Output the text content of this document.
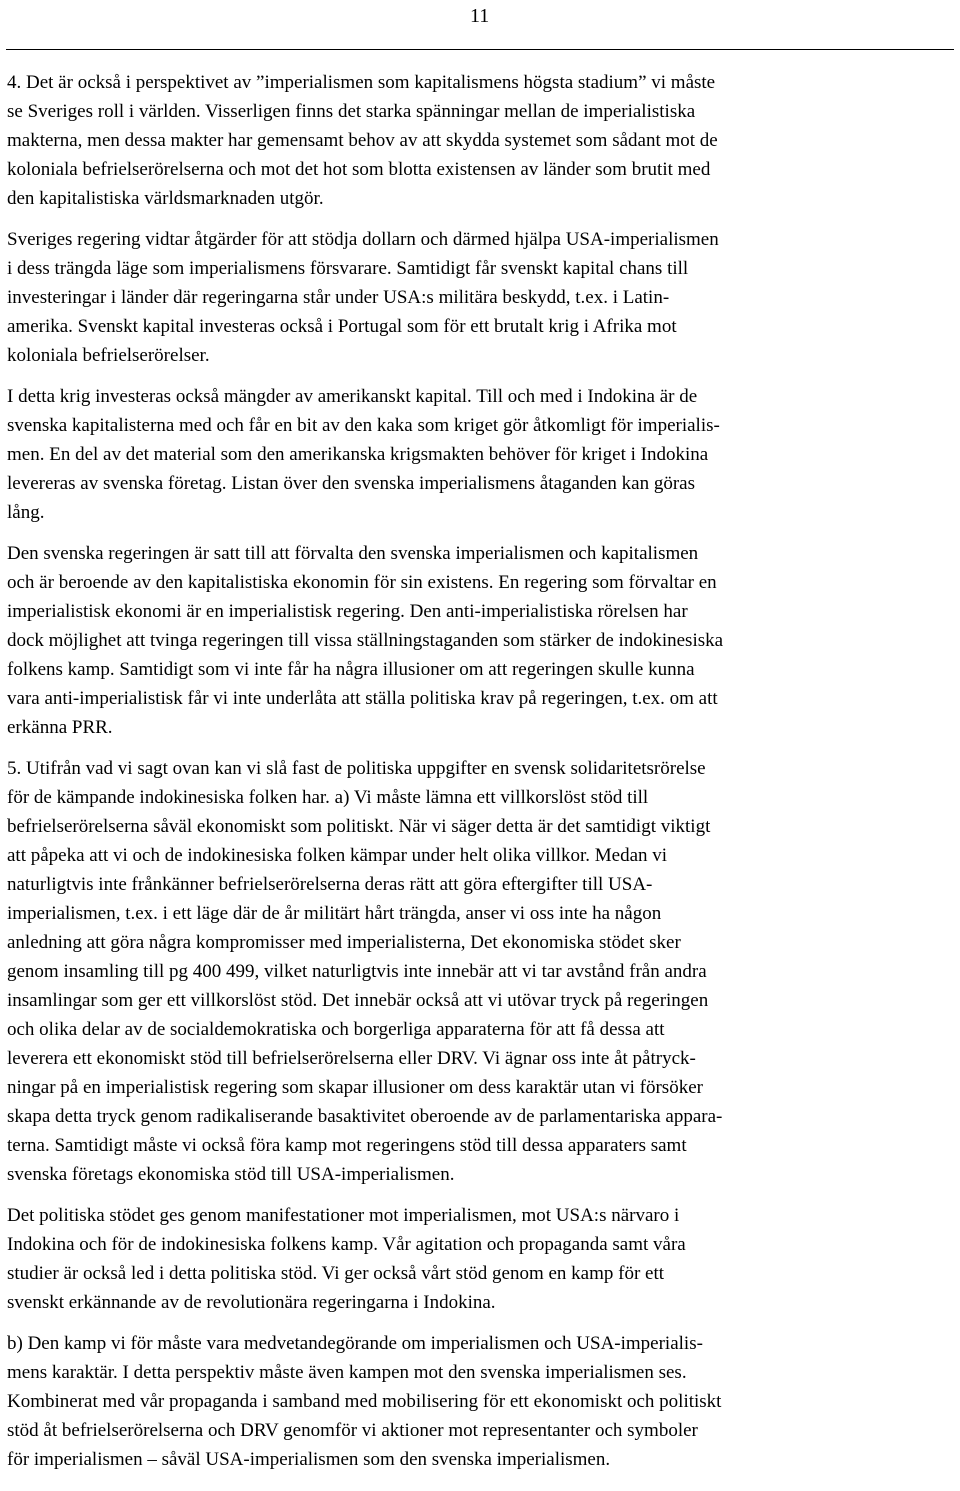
11

4. Det är också i perspektivet av ”imperialismen som kapitalismens högsta stadium” vi måste
se Sveriges roll i världen. Visserligen finns det starka spänningar mellan de imperialistiska
makterna, men dessa makter har gemensamt behov av att skydda systemet som sådant mot de
koloniala befrielserörelserna och mot det hot som blotta existensen av länder som brutit med
den kapitalistiska världsmarknaden utgör.

Sveriges regering vidtar åtgärder för att stödja dollarn och därmed hjälpa USA-imperialismen
i dess trängda läge som imperialismens försvarare. Samtidigt får svenskt kapital chans till
investeringar i länder där regeringarna står under USA:s militära beskydd, t.ex. i Latin-
amerika. Svenskt kapital investeras också i Portugal som för ett brutalt krig i Afrika mot
koloniala befrielserörelser.

I detta krig investeras också mängder av amerikanskt kapital. Till och med i Indokina är de
svenska kapitalisterna med och får en bit av den kaka som kriget gör åtkomligt för imperialis-
men. En del av det material som den amerikanska krigsmakten behöver för kriget i Indokina
levereras av svenska företag. Listan över den svenska imperialismens åtaganden kan göras
lång.

Den svenska regeringen är satt till att förvalta den svenska imperialismen och kapitalismen
och är beroende av den kapitalistiska ekonomin för sin existens. En regering som förvaltar en
imperialistisk ekonomi är en imperialistisk regering. Den anti-imperialistiska rörelsen har
dock möjlighet att tvinga regeringen till vissa ställningstaganden som stärker de indokinesiska
folkens kamp. Samtidigt som vi inte får ha några illusioner om att regeringen skulle kunna
vara anti-imperialistisk får vi inte underlåta att ställa politiska krav på regeringen, t.ex. om att
erkänna PRR.

5. Utifrån vad vi sagt ovan kan vi slå fast de politiska uppgifter en svensk solidaritetsrörelse
för de kämpande indokinesiska folken har. a) Vi måste lämna ett villkorslöst stöd till
befrielserörelserna såväl ekonomiskt som politiskt. När vi säger detta är det samtidigt viktigt
att påpeka att vi och de indokinesiska folken kämpar under helt olika villkor. Medan vi
naturligtvis inte frånkänner befrielserörelserna deras rätt att göra eftergifter till USA-
imperialismen, t.ex. i ett läge där de år militärt hårt trängda, anser vi oss inte ha någon
anledning att göra några kompromisser med imperialisterna, Det ekonomiska stödet sker
genom insamling till pg 400 499, vilket naturligtvis inte innebär att vi tar avstånd från andra
insamlingar som ger ett villkorslöst stöd. Det innebär också att vi utövar tryck på regeringen
och olika delar av de socialdemokratiska och borgerliga apparaterna för att få dessa att
leverera ett ekonomiskt stöd till befrielserörelserna eller DRV. Vi ägnar oss inte åt påtryck-
ningar på en imperialistisk regering som skapar illusioner om dess karaktär utan vi försöker
skapa detta tryck genom radikaliserande basaktivitet oberoende av de parlamentariska appara-
terna. Samtidigt måste vi också föra kamp mot regeringens stöd till dessa apparaters samt
svenska företags ekonomiska stöd till USA-imperialismen.

Det politiska stödet ges genom manifestationer mot imperialismen, mot USA:s närvaro i
Indokina och för de indokinesiska folkens kamp. Vår agitation och propaganda samt våra
studier är också led i detta politiska stöd. Vi ger också vårt stöd genom en kamp för ett
svenskt erkännande av de revolutionära regeringarna i Indokina.

b) Den kamp vi för måste vara medvetandegörande om imperialismen och USA-imperialis-
mens karaktär. I detta perspektiv måste även kampen mot den svenska imperialismen ses.
Kombinerat med vår propaganda i samband med mobilisering för ett ekonomiskt och politiskt
stöd åt befrielserörelserna och DRV genomför vi aktioner mot representanter och symboler
för imperialismen – såväl USA-imperialismen som den svenska imperialismen.
